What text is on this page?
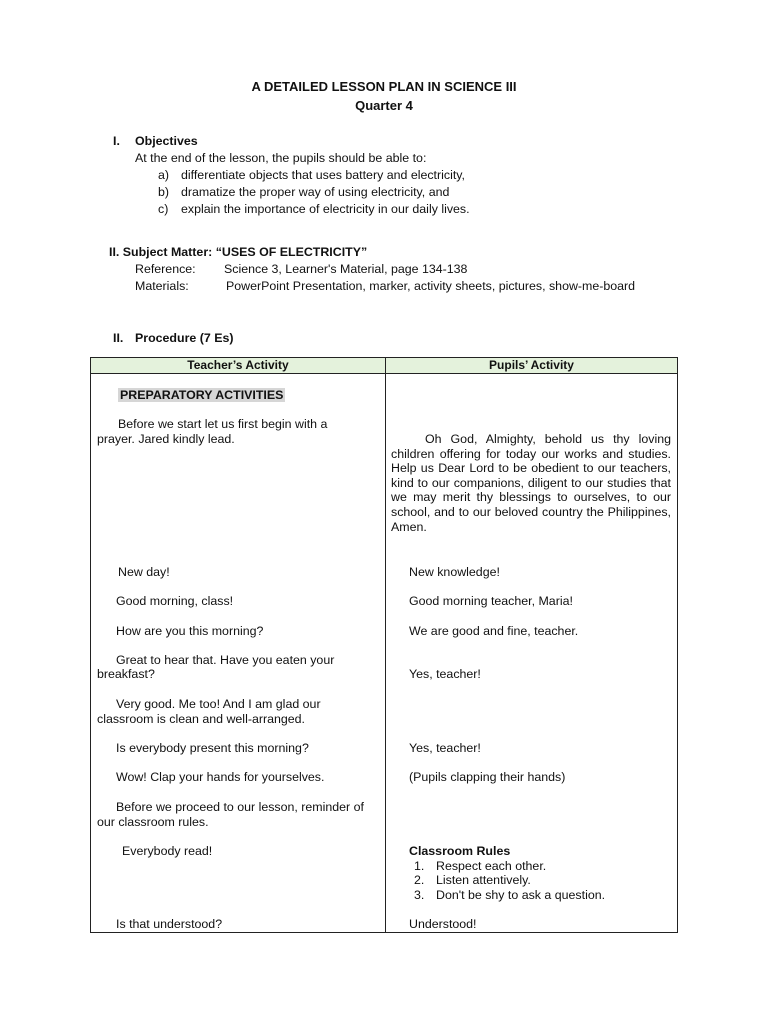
A DETAILED LESSON PLAN IN SCIENCE III
Quarter 4
I. Objectives
At the end of the lesson, the pupils should be able to:
a) differentiate objects that uses battery and electricity,
b) dramatize the proper way of using electricity, and
c) explain the importance of electricity in our daily lives.
II. Subject Matter: “USES OF ELECTRICITY”
Reference: Science 3, Learner's Material, page 134-138
Materials:	PowerPoint Presentation, marker, activity sheets, pictures, show-me-board
II. Procedure (7 Es)
Teacher’s Activity	Pupils’ Activity
PREPARATORY ACTIVITIES
Before we start let us first begin with a
prayer. Jared kindly lead.	Oh God, Almighty, behold us thy loving children offering for today our works and studies. Help us Dear Lord to be obedient to our teachers, kind to our companions, diligent to our studies that we may merit thy blessings to ourselves, to our school, and to our beloved country the Philippines, Amen.
New day!	New knowledge!
Good morning, class!	Good morning teacher, Maria!
How are you this morning?	We are good and fine, teacher.
Great to hear that. Have you eaten your
breakfast?	Yes, teacher!
Very good. Me too! And I am glad our
classroom is clean and well-arranged.
Is everybody present this morning?	Yes, teacher!
Wow! Clap your hands for yourselves.	(Pupils clapping their hands)
Before we proceed to our lesson, reminder of
our classroom rules.
Everybody read!	Classroom Rules
1. Respect each other.
2. Listen attentively.
3. Don't be shy to ask a question.
Is that understood?	Understood!
